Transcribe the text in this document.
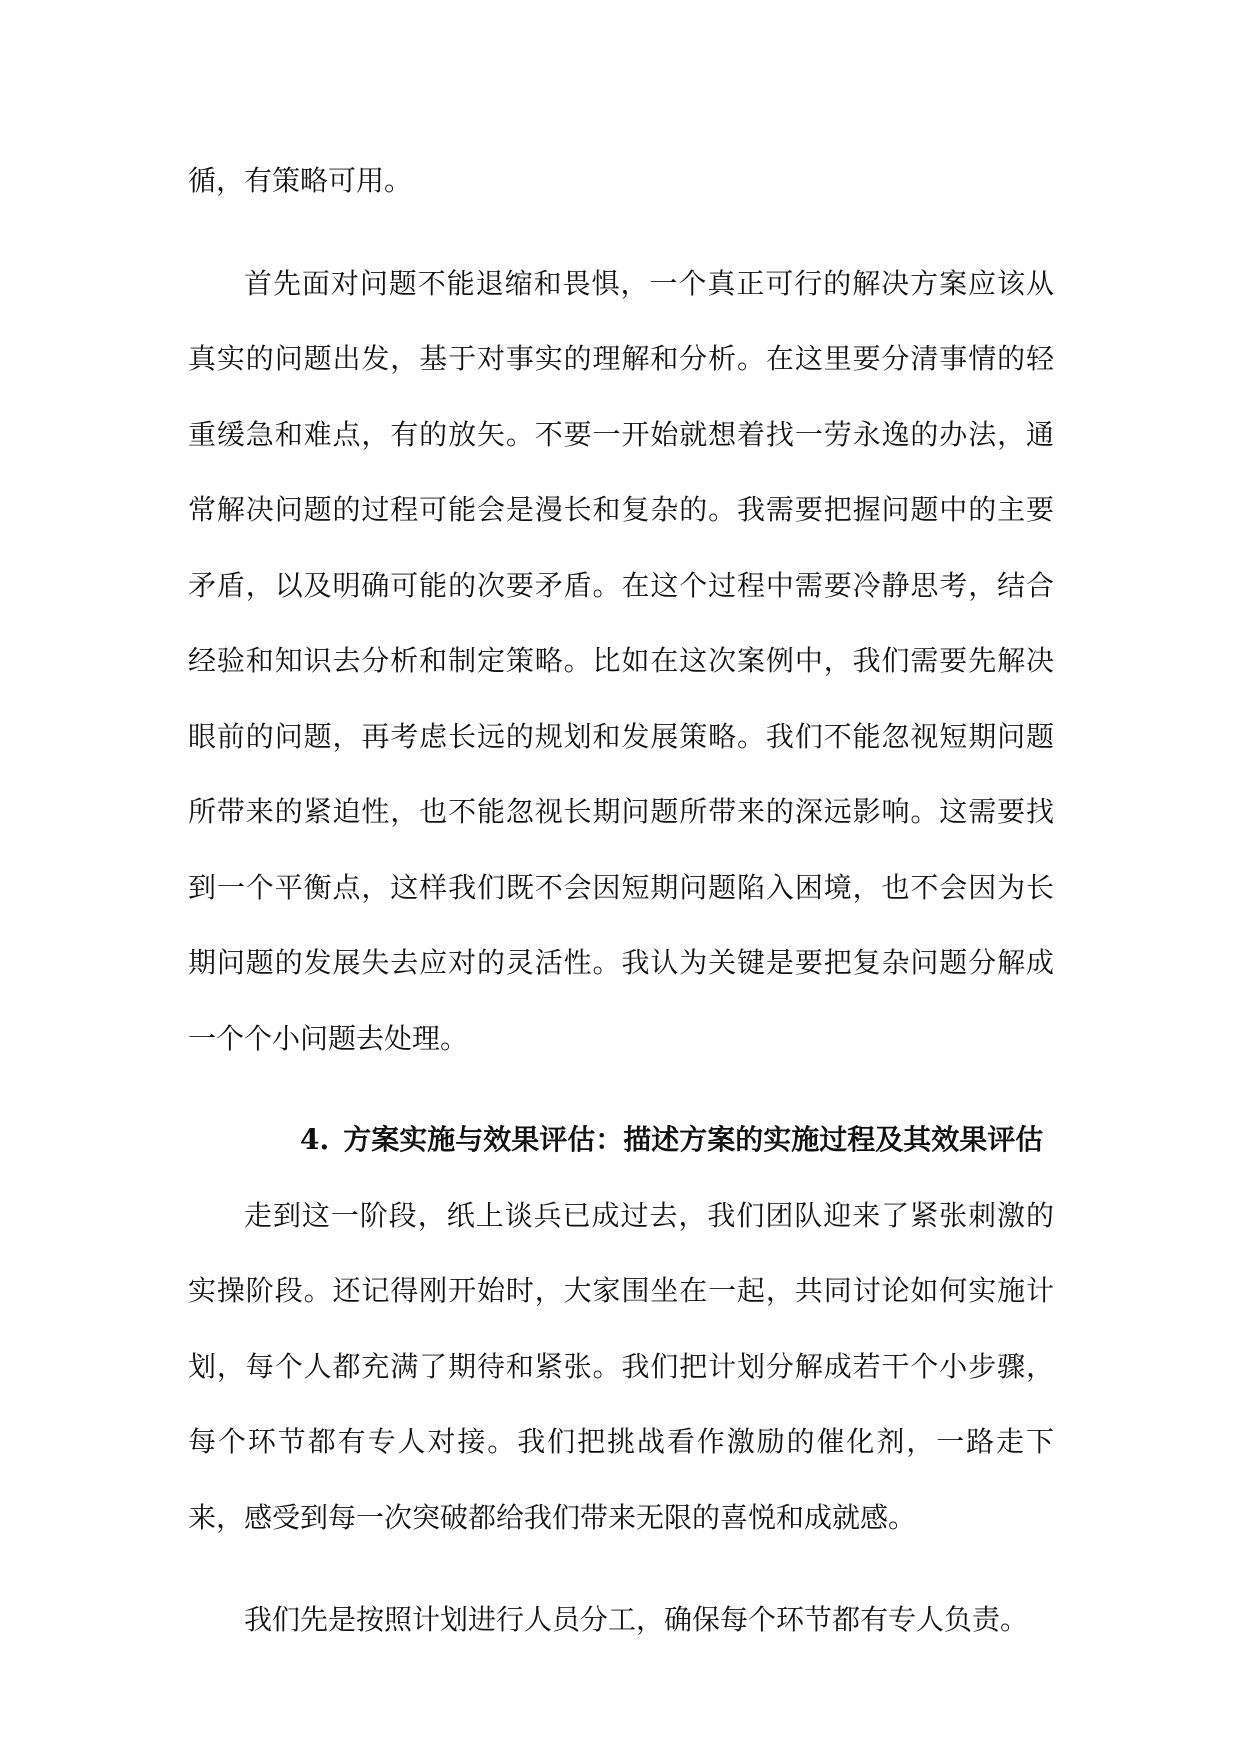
循，有策略可用。

首先面对问题不能退缩和畏惧，一个真正可行的解决方案应该从真实的问题出发，基于对事实的理解和分析。在这里要分清事情的轻重缓急和难点，有的放矢。不要一开始就想着找一劳永逸的办法，通常解决问题的过程可能会是漫长和复杂的。我需要把握问题中的主要矛盾，以及明确可能的次要矛盾。在这个过程中需要冷静思考，结合经验和知识去分析和制定策略。比如在这次案例中，我们需要先解决眼前的问题，再考虑长远的规划和发展策略。我们不能忽视短期问题所带来的紧迫性，也不能忽视长期问题所带来的深远影响。这需要找到一个平衡点，这样我们既不会因短期问题陷入困境，也不会因为长期问题的发展失去应对的灵活性。我认为关键是要把复杂问题分解成一个个小问题去处理。

4. 方案实施与效果评估：描述方案的实施过程及其效果评估

走到这一阶段，纸上谈兵已成过去，我们团队迎来了紧张刺激的实操阶段。还记得刚开始时，大家围坐在一起，共同讨论如何实施计划，每个人都充满了期待和紧张。我们把计划分解成若干个小步骤，每个环节都有专人对接。我们把挑战看作激励的催化剂，一路走下来，感受到每一次突破都给我们带来无限的喜悦和成就感。

我们先是按照计划进行人员分工，确保每个环节都有专人负责。
